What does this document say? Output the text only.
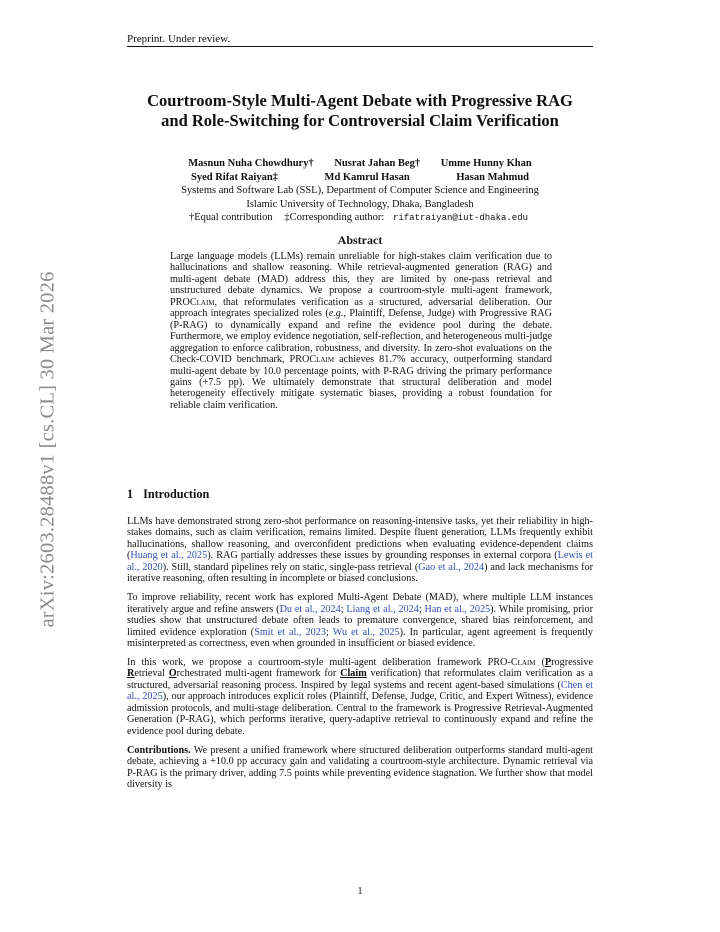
Preprint. Under review.
arXiv:2603.28488v1 [cs.CL] 30 Mar 2026
Courtroom-Style Multi-Agent Debate with Progressive RAG
and Role-Switching for Controversial Claim Verification
Masnun Nuha Chowdhury† Nusrat Jahan Beg† Umme Hunny Khan
Syed Rifat Raiyan‡	Md Kamrul Hasan	Hasan Mahmud
Systems and Software Lab (SSL), Department of Computer Science and Engineering
Islamic University of Technology, Dhaka, Bangladesh
†Equal contribution ‡Corresponding author: rifatraiyan@iut-dhaka.edu
Abstract
Large language models (LLMs) remain unreliable for high-stakes claim verification due to hallucinations and shallow reasoning. While retrieval-augmented generation (RAG) and multi-agent debate (MAD) address this, they are limited by one-pass retrieval and unstructured debate dynamics. We propose a courtroom-style multi-agent framework, PROClaim, that reformulates verification as a structured, adversarial deliberation. Our approach integrates specialized roles (e.g., Plaintiff, Defense, Judge) with Progressive RAG (P-RAG) to dynamically expand and refine the evidence pool during the debate. Furthermore, we employ evidence negotiation, self-reflection, and heterogeneous multi-judge aggregation to enforce calibration, robustness, and diversity. In zero-shot evaluations on the Check-COVID benchmark, PROClaim achieves 81.7% accuracy, outperforming standard multi-agent debate by 10.0 percentage points, with P-RAG driving the primary performance gains (+7.5 pp). We ultimately demonstrate that structural deliberation and model heterogeneity effectively mitigate systematic biases, providing a robust foundation for reliable claim verification.
1 Introduction

LLMs have demonstrated strong zero-shot performance on reasoning-intensive tasks, yet their reliability in high-stakes domains, such as claim verification, remains limited. Despite fluent generation, LLMs frequently exhibit hallucinations, shallow reasoning, and overconfident predictions when evaluating evidence-dependent claims (Huang et al., 2025). RAG partially addresses these issues by grounding responses in external corpora (Lewis et al., 2020). Still, standard pipelines rely on static, single-pass retrieval (Gao et al., 2024) and lack mechanisms for iterative reasoning, often resulting in incomplete or biased conclusions.

To improve reliability, recent work has explored Multi-Agent Debate (MAD), where multiple LLM instances iteratively argue and refine answers (Du et al., 2024; Liang et al., 2024; Han et al., 2025). While promising, prior studies show that unstructured debate often leads to premature convergence, shared bias reinforcement, and limited evidence exploration (Smit et al., 2023; Wu et al., 2025). In particular, agent agreement is frequently misinterpreted as correctness, even when grounded in insufficient or biased evidence.

In this work, we propose a courtroom-style multi-agent deliberation framework PRO-Claim (Progressive Retrieval Orchestrated multi-agent framework for Claim verification) that reformulates claim verification as a structured, adversarial reasoning process. Inspired by legal systems and recent agent-based simulations (Chen et al., 2025), our approach introduces explicit roles (Plaintiff, Defense, Judge, Critic, and Expert Witness), evidence admission protocols, and multi-stage deliberation. Central to the framework is Progressive Retrieval-Augmented Generation (P-RAG), which performs iterative, query-adaptive retrieval to continuously expand and refine the evidence pool during debate.

Contributions. We present a unified framework where structured deliberation outperforms standard multi-agent debate, achieving a +10.0 pp accuracy gain and validating a courtroom-style architecture. Dynamic retrieval via P-RAG is the primary driver, adding 7.5 points while preventing evidence stagnation. We further show that model diversity is

1
